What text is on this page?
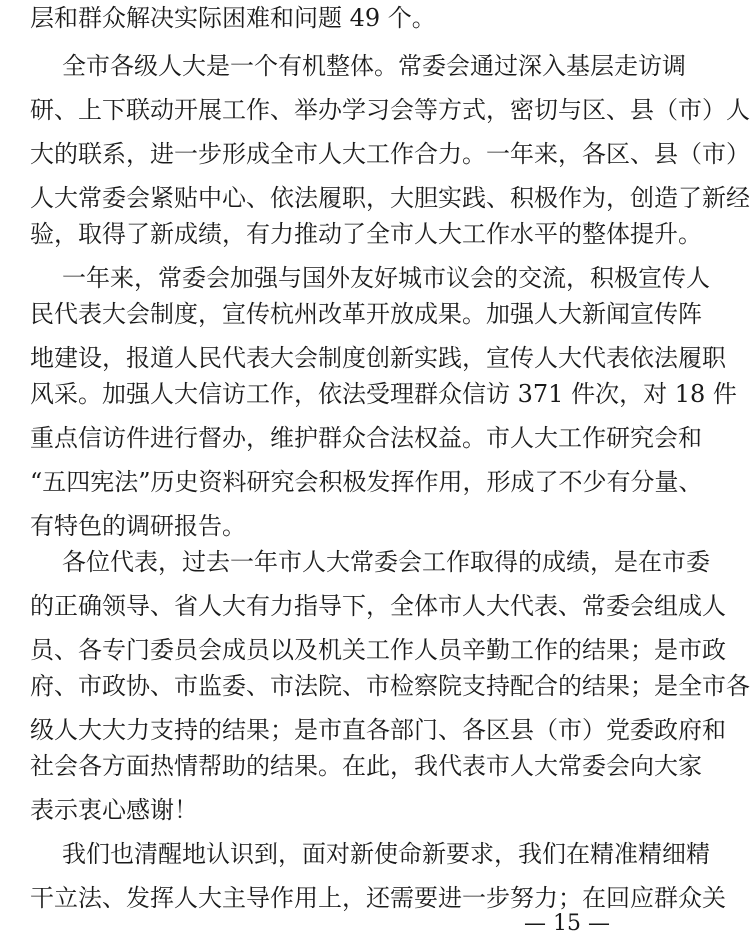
层和群众解决实际困难和问题 49 个。
全市各级人大是一个有机整体。常委会通过深入基层走访调
研、上下联动开展工作、举办学习会等方式，密切与区、县（市）人
大的联系，进一步形成全市人大工作合力。一年来，各区、县（市）
人大常委会紧贴中心、依法履职，大胆实践、积极作为，创造了新经
验，取得了新成绩，有力推动了全市人大工作水平的整体提升。
一年来，常委会加强与国外友好城市议会的交流，积极宣传人
民代表大会制度，宣传杭州改革开放成果。加强人大新闻宣传阵
地建设，报道人民代表大会制度创新实践，宣传人大代表依法履职
风采。加强人大信访工作，依法受理群众信访 371 件次，对 18 件
重点信访件进行督办，维护群众合法权益。市人大工作研究会和
“五四宪法”历史资料研究会积极发挥作用，形成了不少有分量、
有特色的调研报告。
各位代表，过去一年市人大常委会工作取得的成绩，是在市委
的正确领导、省人大有力指导下，全体市人大代表、常委会组成人
员、各专门委员会成员以及机关工作人员辛勤工作的结果；是市政
府、市政协、市监委、市法院、市检察院支持配合的结果；是全市各
级人大大力支持的结果；是市直各部门、各区县（市）党委政府和
社会各方面热情帮助的结果。在此，我代表市人大常委会向大家
表示衷心感谢！
我们也清醒地认识到，面对新使命新要求，我们在精准精细精
干立法、发挥人大主导作用上，还需要进一步努力；在回应群众关
— 15 —
